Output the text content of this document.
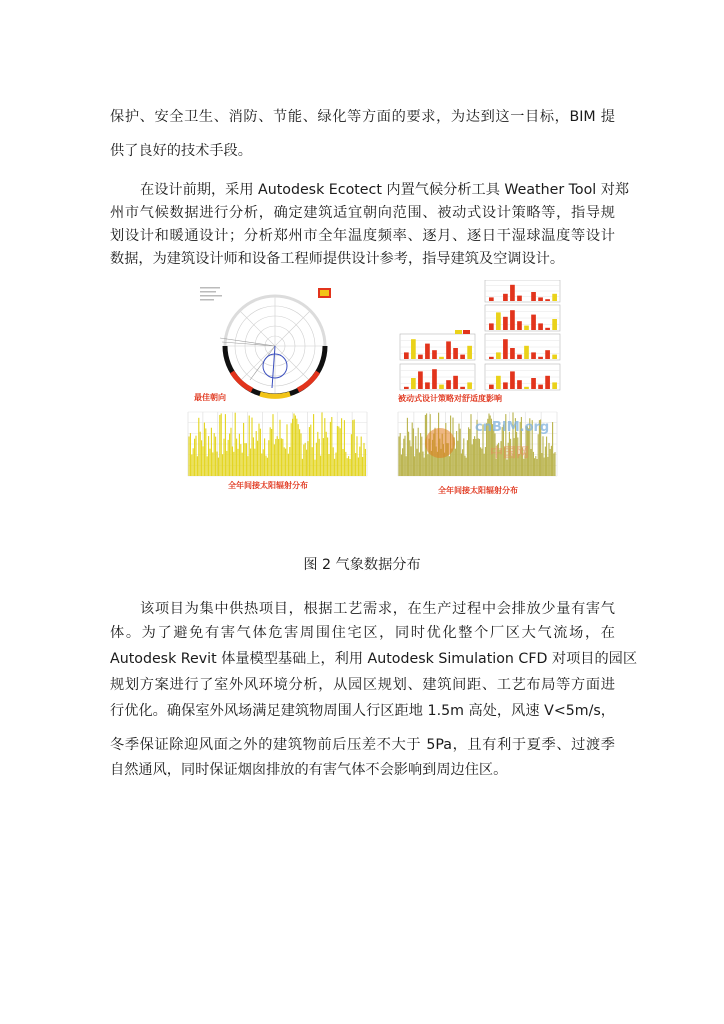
保护、安全卫生、消防、节能、绿化等方面的要求，为达到这一目标，BIM 提
供了良好的技术手段。
在设计前期，采用 Autodesk Ecotect 内置气候分析工具 Weather Tool 对郑
州市气候数据进行分析，确定建筑适宜朝向范围、被动式设计策略等，指导规
划设计和暖通设计；分析郑州市全年温度频率、逐月、逐日干湿球温度等设计
数据，为建筑设计师和设备工程师提供设计参考，指导建筑及空调设计。
最佳朝向	被动式设计策略对舒适度影响
全年间接太阳辐射分布
cnBIM.org
中国网
全年间接太阳辐射分布
图 2 气象数据分布
该项目为集中供热项目，根据工艺需求，在生产过程中会排放少量有害气
体。为了避免有害气体危害周围住宅区，同时优化整个厂区大气流场，在
Autodesk Revit 体量模型基础上，利用 Autodesk Simulation CFD 对项目的园区
规划方案进行了室外风环境分析，从园区规划、建筑间距、工艺布局等方面进
行优化。确保室外风场满足建筑物周围人行区距地 1.5m 高处，风速 V<5m/s，
冬季保证除迎风面之外的建筑物前后压差不大于 5Pa，且有利于夏季、过渡季
自然通风，同时保证烟囱排放的有害气体不会影响到周边住区。
